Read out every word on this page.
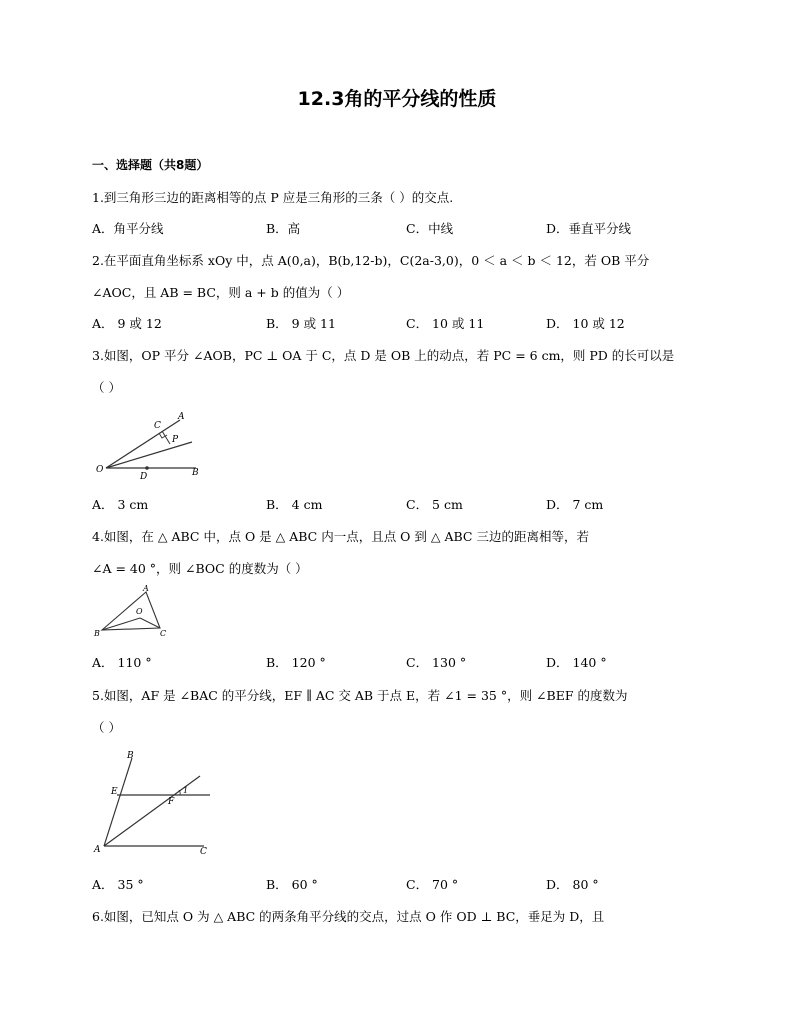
12.3角的平分线的性质
一、选择题（共8题）
1.到三角形三边的距离相等的点 P 应是三角形的三条（ ）的交点.
A．角平分线	B．高	C．中线	D．垂直平分线
2.在平面直角坐标系 xOy 中，点 A(0,a)，B(b,12-b)，C(2a-3,0)，0 ＜ a ＜ b ＜ 12，若 OB 平分
∠AOC，且 AB = BC，则 a + b 的值为（ ）
A． 9 或 12	B． 9 或 11	C． 10 或 11	D． 10 或 12
3.如图，OP 平分 ∠AOB，PC ⊥ OA 于 C，点 D 是 OB 上的动点，若 PC = 6 cm，则 PD 的长可以是
（ ）
A
C
P
O
D	B
A． 3 cm	B． 4 cm	C． 5 cm	D． 7 cm
4.如图，在 △ ABC 中，点 O 是 △ ABC 内一点，且点 O 到 △ ABC 三边的距离相等，若
∠A = 40 °，则 ∠BOC 的度数为（ ）
A
O
B	C
A． 110 °	B． 120 °	C． 130 °	D． 140 °
5.如图，AF 是 ∠BAC 的平分线，EF ∥ AC 交 AB 于点 E，若 ∠1 = 35 °，则 ∠BEF 的度数为
（ ）
B
E
F
1
A	C
A． 35 °	B． 60 °	C． 70 °	D． 80 °
6.如图，已知点 O 为 △ ABC 的两条角平分线的交点，过点 O 作 OD ⊥ BC，垂足为 D，且
